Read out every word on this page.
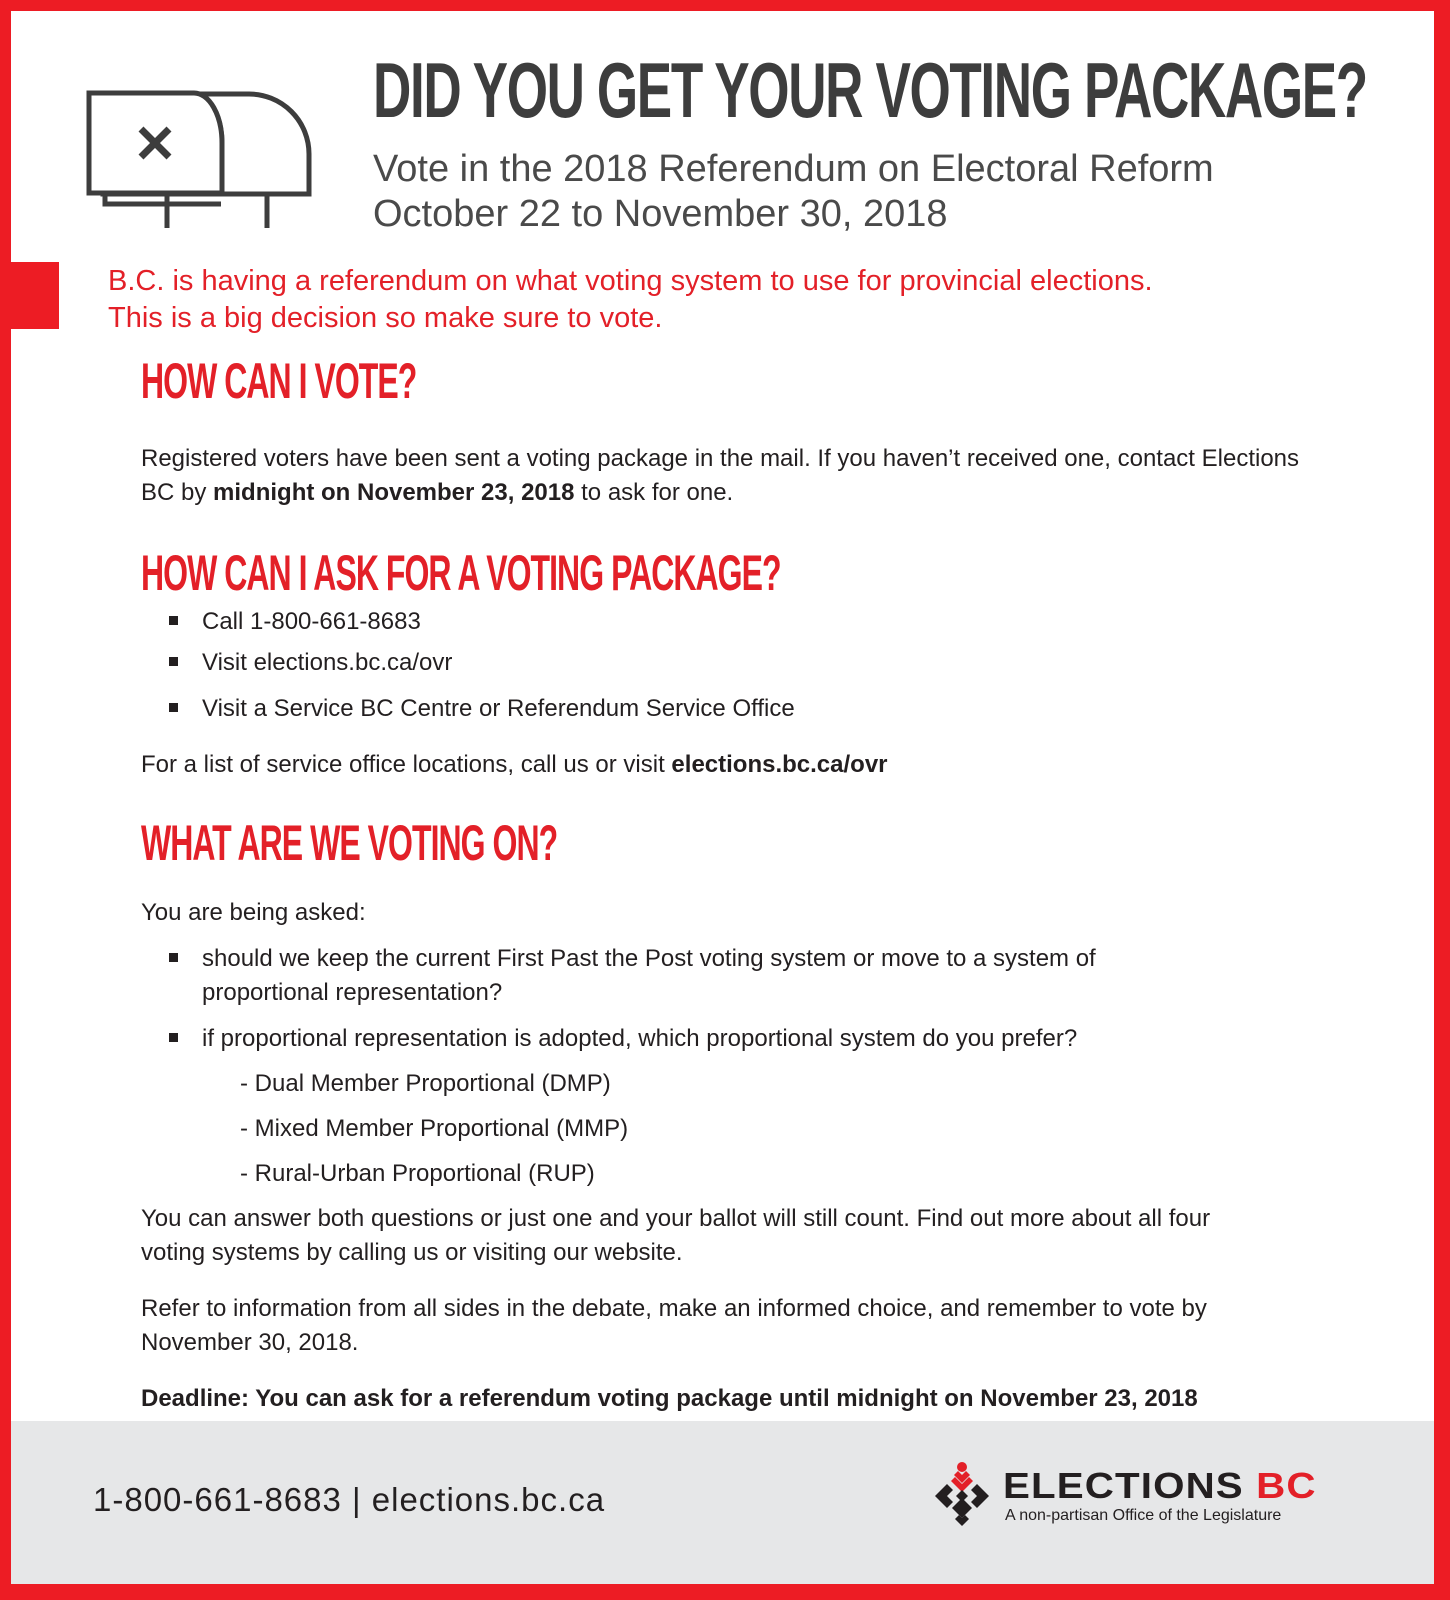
DID YOU GET YOUR VOTING PACKAGE?
Vote in the 2018 Referendum on Electoral Reform
October 22 to November 30, 2018
B.C. is having a referendum on what voting system to use for provincial elections.
This is a big decision so make sure to vote.
HOW CAN I VOTE?

Registered voters have been sent a voting package in the mail. If you haven’t received one, contact Elections BC by midnight on November 23, 2018 to ask for one.

HOW CAN I ASK FOR A VOTING PACKAGE?
Call 1-800-661-8683
Visit elections.bc.ca/ovr
Visit a Service BC Centre or Referendum Service Office

For a list of service office locations, call us or visit elections.bc.ca/ovr

WHAT ARE WE VOTING ON?

You are being asked:

should we keep the current First Past the Post voting system or move to a system of proportional representation?
if proportional representation is adopted, which proportional system do you prefer?
- Dual Member Proportional (DMP)
- Mixed Member Proportional (MMP)
- Rural-Urban Proportional (RUP)

You can answer both questions or just one and your ballot will still count. Find out more about all four voting systems by calling us or visiting our website.

Refer to information from all sides in the debate, make an informed choice, and remember to vote by November 30, 2018.

Deadline: You can ask for a referendum voting package until midnight on November 23, 2018

1-800-661-8683 | elections.bc.ca	ELECTIONS BC
A non-partisan Office of the Legislature
